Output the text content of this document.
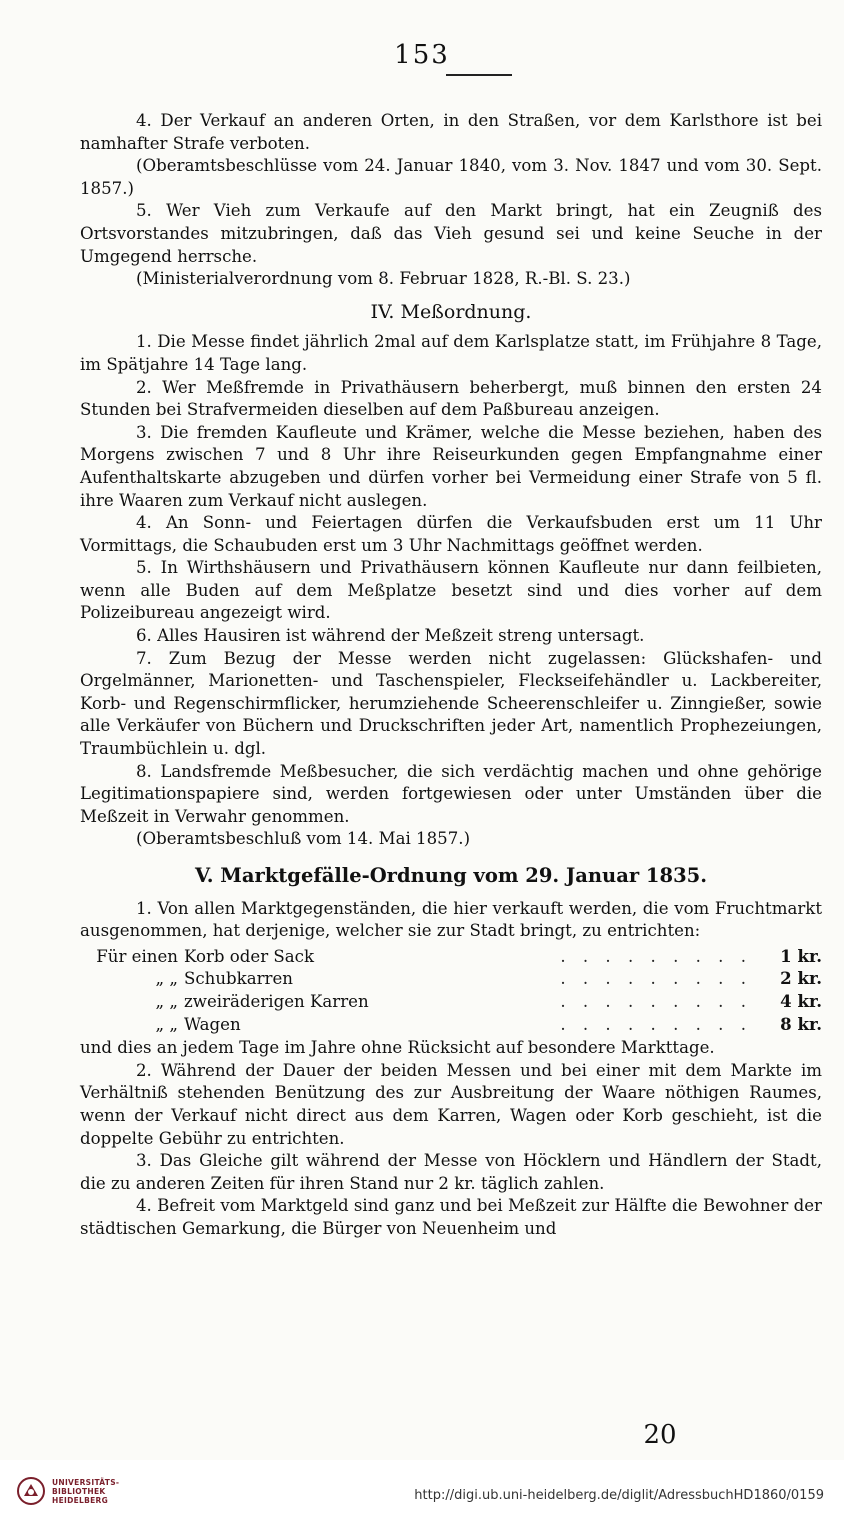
153

4. Der Verkauf an anderen Orten, in den Straßen, vor dem Karlsthore ist bei namhafter Strafe verboten.

(Oberamtsbeschlüsse vom 24. Januar 1840, vom 3. Nov. 1847 und vom 30. Sept. 1857.)

5. Wer Vieh zum Verkaufe auf den Markt bringt, hat ein Zeugniß des Ortsvorstandes mitzubringen, daß das Vieh gesund sei und keine Seuche in der Umgegend herrsche.

(Ministerialverordnung vom 8. Februar 1828, R.-Bl. S. 23.)

IV. Meßordnung.

1. Die Messe findet jährlich 2mal auf dem Karlsplatze statt, im Frühjahre 8 Tage, im Spätjahre 14 Tage lang.

2. Wer Meßfremde in Privathäusern beherbergt, muß binnen den ersten 24 Stunden bei Strafvermeiden dieselben auf dem Paßbureau anzeigen.

3. Die fremden Kaufleute und Krämer, welche die Messe beziehen, haben des Morgens zwischen 7 und 8 Uhr ihre Reiseurkunden gegen Empfangnahme einer Aufenthaltskarte abzugeben und dürfen vorher bei Vermeidung einer Strafe von 5 fl. ihre Waaren zum Verkauf nicht auslegen.

4. An Sonn- und Feiertagen dürfen die Verkaufsbuden erst um 11 Uhr Vormittags, die Schaubuden erst um 3 Uhr Nachmittags geöffnet werden.

5. In Wirthshäusern und Privathäusern können Kaufleute nur dann feilbieten, wenn alle Buden auf dem Meßplatze besetzt sind und dies vorher auf dem Polizeibureau angezeigt wird.

6. Alles Hausiren ist während der Meßzeit streng untersagt.

7. Zum Bezug der Messe werden nicht zugelassen: Glückshafen- und Orgelmänner, Marionetten- und Taschenspieler, Fleckseifehändler u. Lackbereiter, Korb- und Regenschirmflicker, herumziehende Scheerenschleifer u. Zinngießer, sowie alle Verkäufer von Büchern und Druckschriften jeder Art, namentlich Prophezeiungen, Traumbüchlein u. dgl.

8. Landsfremde Meßbesucher, die sich verdächtig machen und ohne gehörige Legitimationspapiere sind, werden fortgewiesen oder unter Umständen über die Meßzeit in Verwahr genommen.

(Oberamtsbeschluß vom 14. Mai 1857.)

V. Marktgefälle-Ordnung vom 29. Januar 1835.

1. Von allen Marktgegenständen, die hier verkauft werden, die vom Fruchtmarkt ausgenommen, hat derjenige, welcher sie zur Stadt bringt, zu entrichten:

Für einen Korb oder Sack	. . . . . . . . .	1 kr.
„ „ Schubkarren	. . . . . . . . .	2 kr.
„ „ zweiräderigen Karren	. . . . . . . . .	4 kr.
„ „ Wagen	. . . . . . . . .	8 kr.

und dies an jedem Tage im Jahre ohne Rücksicht auf besondere Markttage.

2. Während der Dauer der beiden Messen und bei einer mit dem Markte im Verhältniß stehenden Benützung des zur Ausbreitung der Waare nöthigen Raumes, wenn der Verkauf nicht direct aus dem Karren, Wagen oder Korb geschieht, ist die doppelte Gebühr zu entrichten.

3. Das Gleiche gilt während der Messe von Höcklern und Händlern der Stadt, die zu anderen Zeiten für ihren Stand nur 2 kr. täglich zahlen.

4. Befreit vom Marktgeld sind ganz und bei Meßzeit zur Hälfte die Bewohner der städtischen Gemarkung, die Bürger von Neuenheim und

20
UNIVERSITÄTS-
BIBLIOTHEK
HEIDELBERG	http://digi.ub.uni-heidelberg.de/diglit/AdressbuchHD1860/0159
